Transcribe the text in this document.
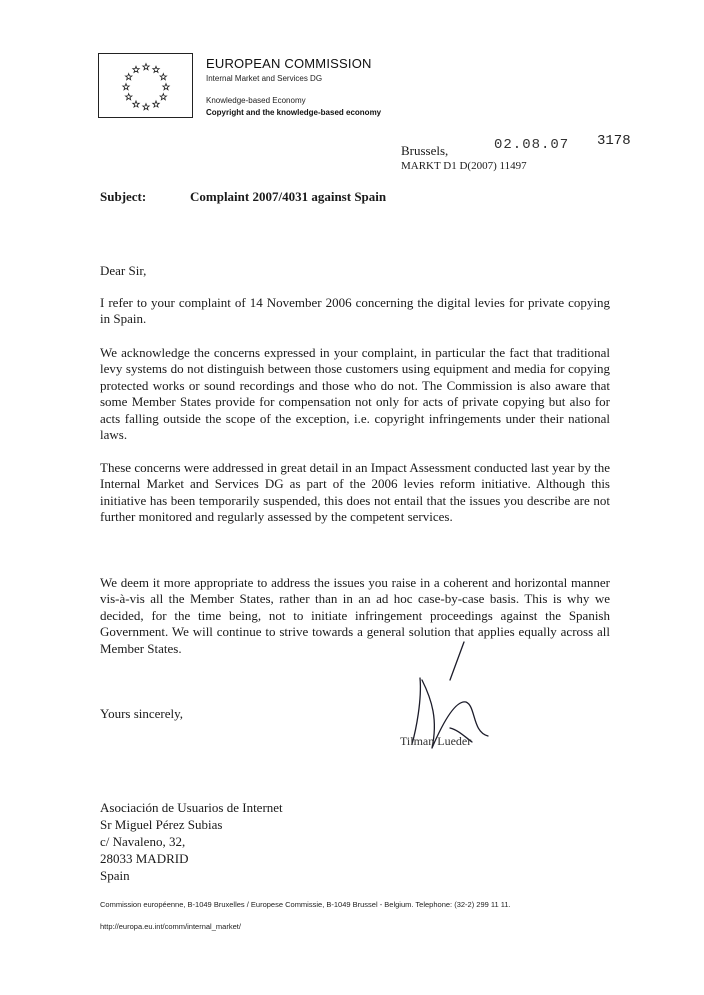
EUROPEAN COMMISSION
Internal Market and Services DG
Knowledge-based Economy
Copyright and the knowledge-based economy
02.08.07 3178
Brussels,
MARKT D1 D(2007) 11497
Subject:	Complaint 2007/4031 against Spain
Dear Sir,

I refer to your complaint of 14 November 2006 concerning the digital levies for private copying in Spain.

We acknowledge the concerns expressed in your complaint, in particular the fact that traditional levy systems do not distinguish between those customers using equipment and media for copying protected works or sound recordings and those who do not. The Commission is also aware that some Member States provide for compensation not only for acts of private copying but also for acts falling outside the scope of the exception, i.e. copyright infringements under their national laws.

These concerns were addressed in great detail in an Impact Assessment conducted last year by the Internal Market and Services DG as part of the 2006 levies reform initiative. Although this initiative has been temporarily suspended, this does not entail that the issues you describe are not further monitored and regularly assessed by the competent services.

We deem it more appropriate to address the issues you raise in a coherent and horizontal manner vis-à-vis all the Member States, rather than in an ad hoc case-by-case basis. This is why we decided, for the time being, not to initiate infringement proceedings against the Spanish Government. We will continue to strive towards a general solution that applies equally across all Member States.

Yours sincerely,
Tilman Lueder
Asociación de Usuarios de Internet
Sr Miguel Pérez Subias
c/ Navaleno, 32,
28033 MADRID
Spain
Commission européenne, B-1049 Bruxelles / Europese Commissie, B-1049 Brussel - Belgium. Telephone: (32-2) 299 11 11.
http://europa.eu.int/comm/internal_market/
